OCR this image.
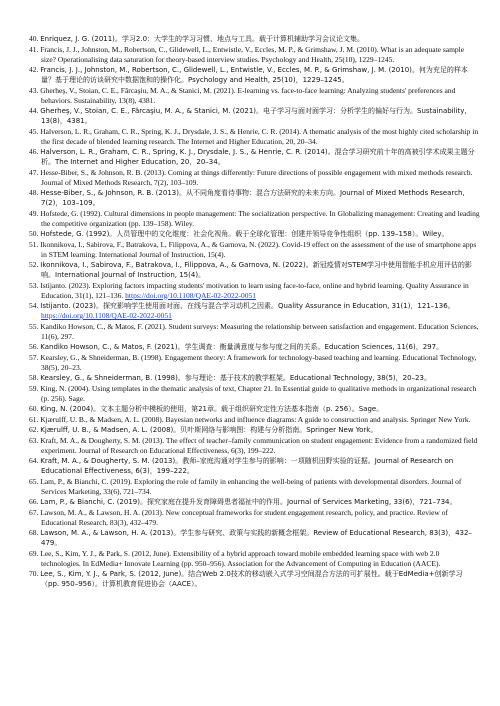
40. Enriquez, J. G. (2011)。学习2.0：大学生的学习习惯、地点与工具。载于计算机辅助学习会议论文集。
41. Francis, J. J., Johnston, M., Robertson, C., Glidewell, L., Entwistle, V., Eccles, M. P., & Grimshaw, J. M. (2010). What is an adequate sample size? Operationalising data saturation for theory-based interview studies. Psychology and Health, 25(10), 1229–1245.
42. Francis, J. J., Johnston, M., Robertson, C., Glidewell, L., Entwistle, V., Eccles, M. P., & Grimshaw, J. M. (2010)。何为充足的样本量？基于理论的访谈研究中数据饱和的操作化。Psychology and Health, 25(10)，1229–1245。
43. Gherheş, V., Stoian, C. E., Fărcaşiu, M. A., & Stanici, M. (2021). E-learning vs. face-to-face learning: Analyzing students' preferences and behaviors. Sustainability, 13(8), 4381.
44. Gherheş, V., Stoian, C. E., Fărcaşiu, M. A., & Stanici, M. (2021)。电子学习与面对面学习：分析学生的偏好与行为。Sustainability, 13(8)，4381。
45. Halverson, L. R., Graham, C. R., Spring, K. J., Drysdale, J. S., & Henrie, C. R. (2014). A thematic analysis of the most highly cited scholarship in the first decade of blended learning research. The Internet and Higher Education, 20, 20–34.
46. Halverson, L. R., Graham, C. R., Spring, K. J., Drysdale, J. S., & Henrie, C. R. (2014)。混合学习研究前十年的高被引学术成果主题分析。The Internet and Higher Education, 20，20–34。
47. Hesse-Biber, S., & Johnson, R. B. (2013). Coming at things differently: Future directions of possible engagement with mixed methods research. Journal of Mixed Methods Research, 7(2), 103–109.
48. Hesse-Biber, S., & Johnson, R. B. (2013)。从不同角度看待事物：混合方法研究的未来方向。Journal of Mixed Methods Research, 7(2)，103–109。
49. Hofstede, G. (1992). Cultural dimensions in people management: The socialization perspective. In Globalizing management: Creating and leading the competitive organization (pp. 139–158). Wiley.
50. Hofstede, G. (1992)。人员管理中的文化维度：社会化视角。载于全球化管理：创建并领导竞争性组织（pp. 139–158）。Wiley。
51. Ikonnikova, I., Sabirova, F., Batrakova, I., Filippova, A., & Garnova, N. (2022). Covid-19 effect on the assessment of the use of smartphone apps in STEM learning. International Journal of Instruction, 15(4).
52. Ikonnikova, I., Sabirova, F., Batrakova, I., Filippova, A., & Garnova, N. (2022)。新冠疫情对STEM学习中使用智能手机应用评估的影响。International Journal of Instruction, 15(4)。
53. Istijanto. (2023). Exploring factors impacting students' motivation to learn using face-to-face, online and hybrid learning. Quality Assurance in Education, 31(1), 121–136. https://doi.org/10.1108/QAE-02-2022-0051
54. Istijanto. (2023)。探究影响学生使用面对面、在线与混合学习动机之因素。Quality Assurance in Education, 31(1)，121–136。https://doi.org/10.1108/QAE-02-2022-0051
55. Kandiko Howson, C., & Matos, F. (2021). Student surveys: Measuring the relationship between satisfaction and engagement. Education Sciences, 11(6), 297.
56. Kandiko Howson, C., & Matos, F. (2021)。学生调查：衡量满意度与参与度之间的关系。Education Sciences, 11(6)，297。
57. Kearsley, G., & Shneiderman, B. (1998). Engagement theory: A framework for technology-based teaching and learning. Educational Technology, 38(5), 20–23.
58. Kearsley, G., & Shneiderman, B. (1998)。参与理论：基于技术的教学框架。Educational Technology, 38(5)，20–23。
59. King, N. (2004). Using templates in the thematic analysis of text, Chapter 21. In Essential guide to qualitative methods in organizational research (p. 256). Sage.
60. King, N. (2004)。文本主题分析中模板的使用，第21章。载于组织研究定性方法基本指南（p. 256）。Sage。
61. Kjærulff, U. B., & Madsen, A. L. (2008). Bayesian networks and influence diagrams: A guide to construction and analysis. Springer New York.
62. Kjærulff, U. B., & Madsen, A. L. (2008)。贝叶斯网络与影响图：构建与分析指南。Springer New York。
63. Kraft, M. A., & Dougherty, S. M. (2013). The effect of teacher–family communication on student engagement: Evidence from a randomized field experiment. Journal of Research on Educational Effectiveness, 6(3), 199–222.
64. Kraft, M. A., & Dougherty, S. M. (2013)。教师–家庭沟通对学生参与的影响：一项随机田野实验的证据。Journal of Research on Educational Effectiveness, 6(3)，199–222。
65. Lam, P., & Bianchi, C. (2019). Exploring the role of family in enhancing the well-being of patients with developmental disorders. Journal of Services Marketing, 33(6), 721–734.
66. Lam, P., & Bianchi, C. (2019)。探究家庭在提升发育障碍患者福祉中的作用。Journal of Services Marketing, 33(6)，721–734。
67. Lawson, M. A., & Lawson, H. A. (2013). New conceptual frameworks for student engagement research, policy, and practice. Review of Educational Research, 83(3), 432–479.
68. Lawson, M. A., & Lawson, H. A. (2013)。学生参与研究、政策与实践的新概念框架。Review of Educational Research, 83(3)，432–479。
69. Lee, S., Kim, Y. J., & Park, S. (2012, June). Extensibility of a hybrid approach toward mobile embedded learning space with web 2.0 technologies. In EdMedia+ Innovate Learning (pp. 950–956). Association for the Advancement of Computing in Education (AACE).
70. Lee, S., Kim, Y. J., & Park, S. (2012, June)。结合Web 2.0技术的移动嵌入式学习空间混合方法的可扩展性。载于EdMedia+创新学习（pp. 950–956）。计算机教育促进协会（AACE）。
